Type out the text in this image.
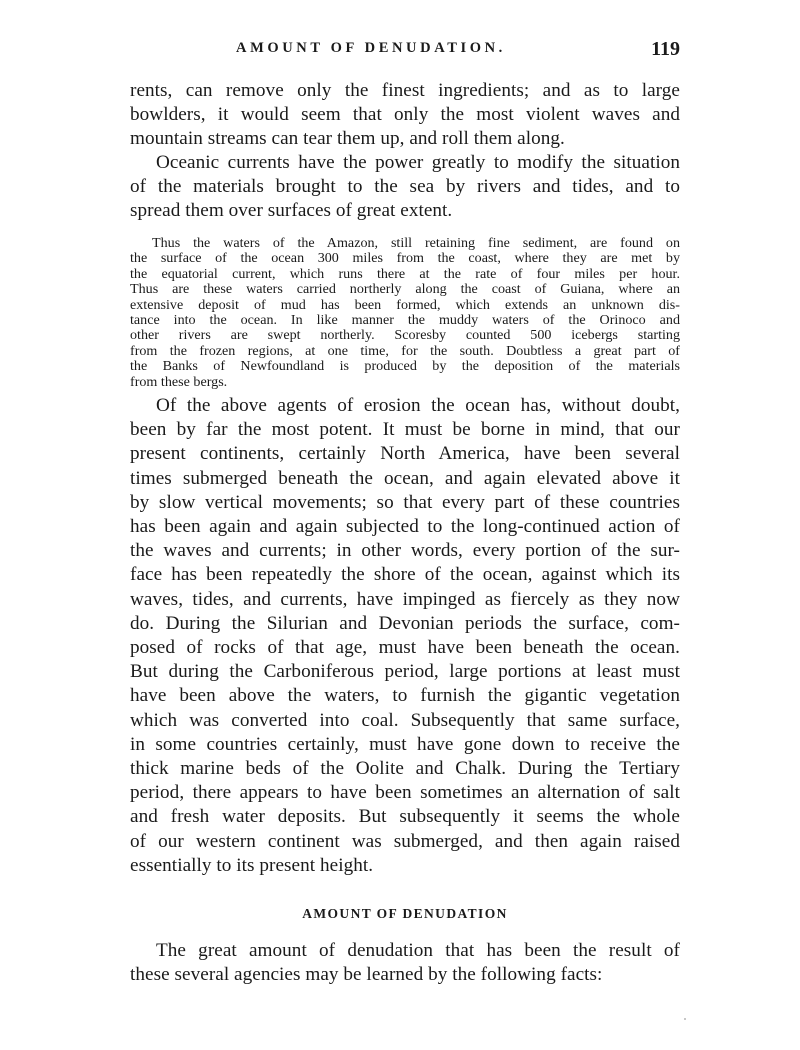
AMOUNT OF DENUDATION.	119

rents, can remove only the finest ingredients; and as to large

bowlders, it would seem that only the most violent waves and

mountain streams can tear them up, and roll them along.

Oceanic currents have the power greatly to modify the situation

of the materials brought to the sea by rivers and tides, and to

spread them over surfaces of great extent.

Thus the waters of the Amazon, still retaining fine sediment, are found on

the surface of the ocean 300 miles from the coast, where they are met by

the equatorial current, which runs there at the rate of four miles per hour.

Thus are these waters carried northerly along the coast of Guiana, where an

extensive deposit of mud has been formed, which extends an unknown dis-

tance into the ocean. In like manner the muddy waters of the Orinoco and

other rivers are swept northerly. Scoresby counted 500 icebergs starting

from the frozen regions, at one time, for the south. Doubtless a great part of

the Banks of Newfoundland is produced by the deposition of the materials

from these bergs.

Of the above agents of erosion the ocean has, without doubt,

been by far the most potent. It must be borne in mind, that our

present continents, certainly North America, have been several

times submerged beneath the ocean, and again elevated above it

by slow vertical movements; so that every part of these countries

has been again and again subjected to the long-continued action of

the waves and currents; in other words, every portion of the sur-

face has been repeatedly the shore of the ocean, against which its

waves, tides, and currents, have impinged as fiercely as they now

do. During the Silurian and Devonian periods the surface, com-

posed of rocks of that age, must have been beneath the ocean.

But during the Carboniferous period, large portions at least must

have been above the waters, to furnish the gigantic vegetation

which was converted into coal. Subsequently that same surface,

in some countries certainly, must have gone down to receive the

thick marine beds of the Oolite and Chalk. During the Tertiary

period, there appears to have been sometimes an alternation of salt

and fresh water deposits. But subsequently it seems the whole

of our western continent was submerged, and then again raised

essentially to its present height.

AMOUNT OF DENUDATION

The great amount of denudation that has been the result of

these several agencies may be learned by the following facts:
